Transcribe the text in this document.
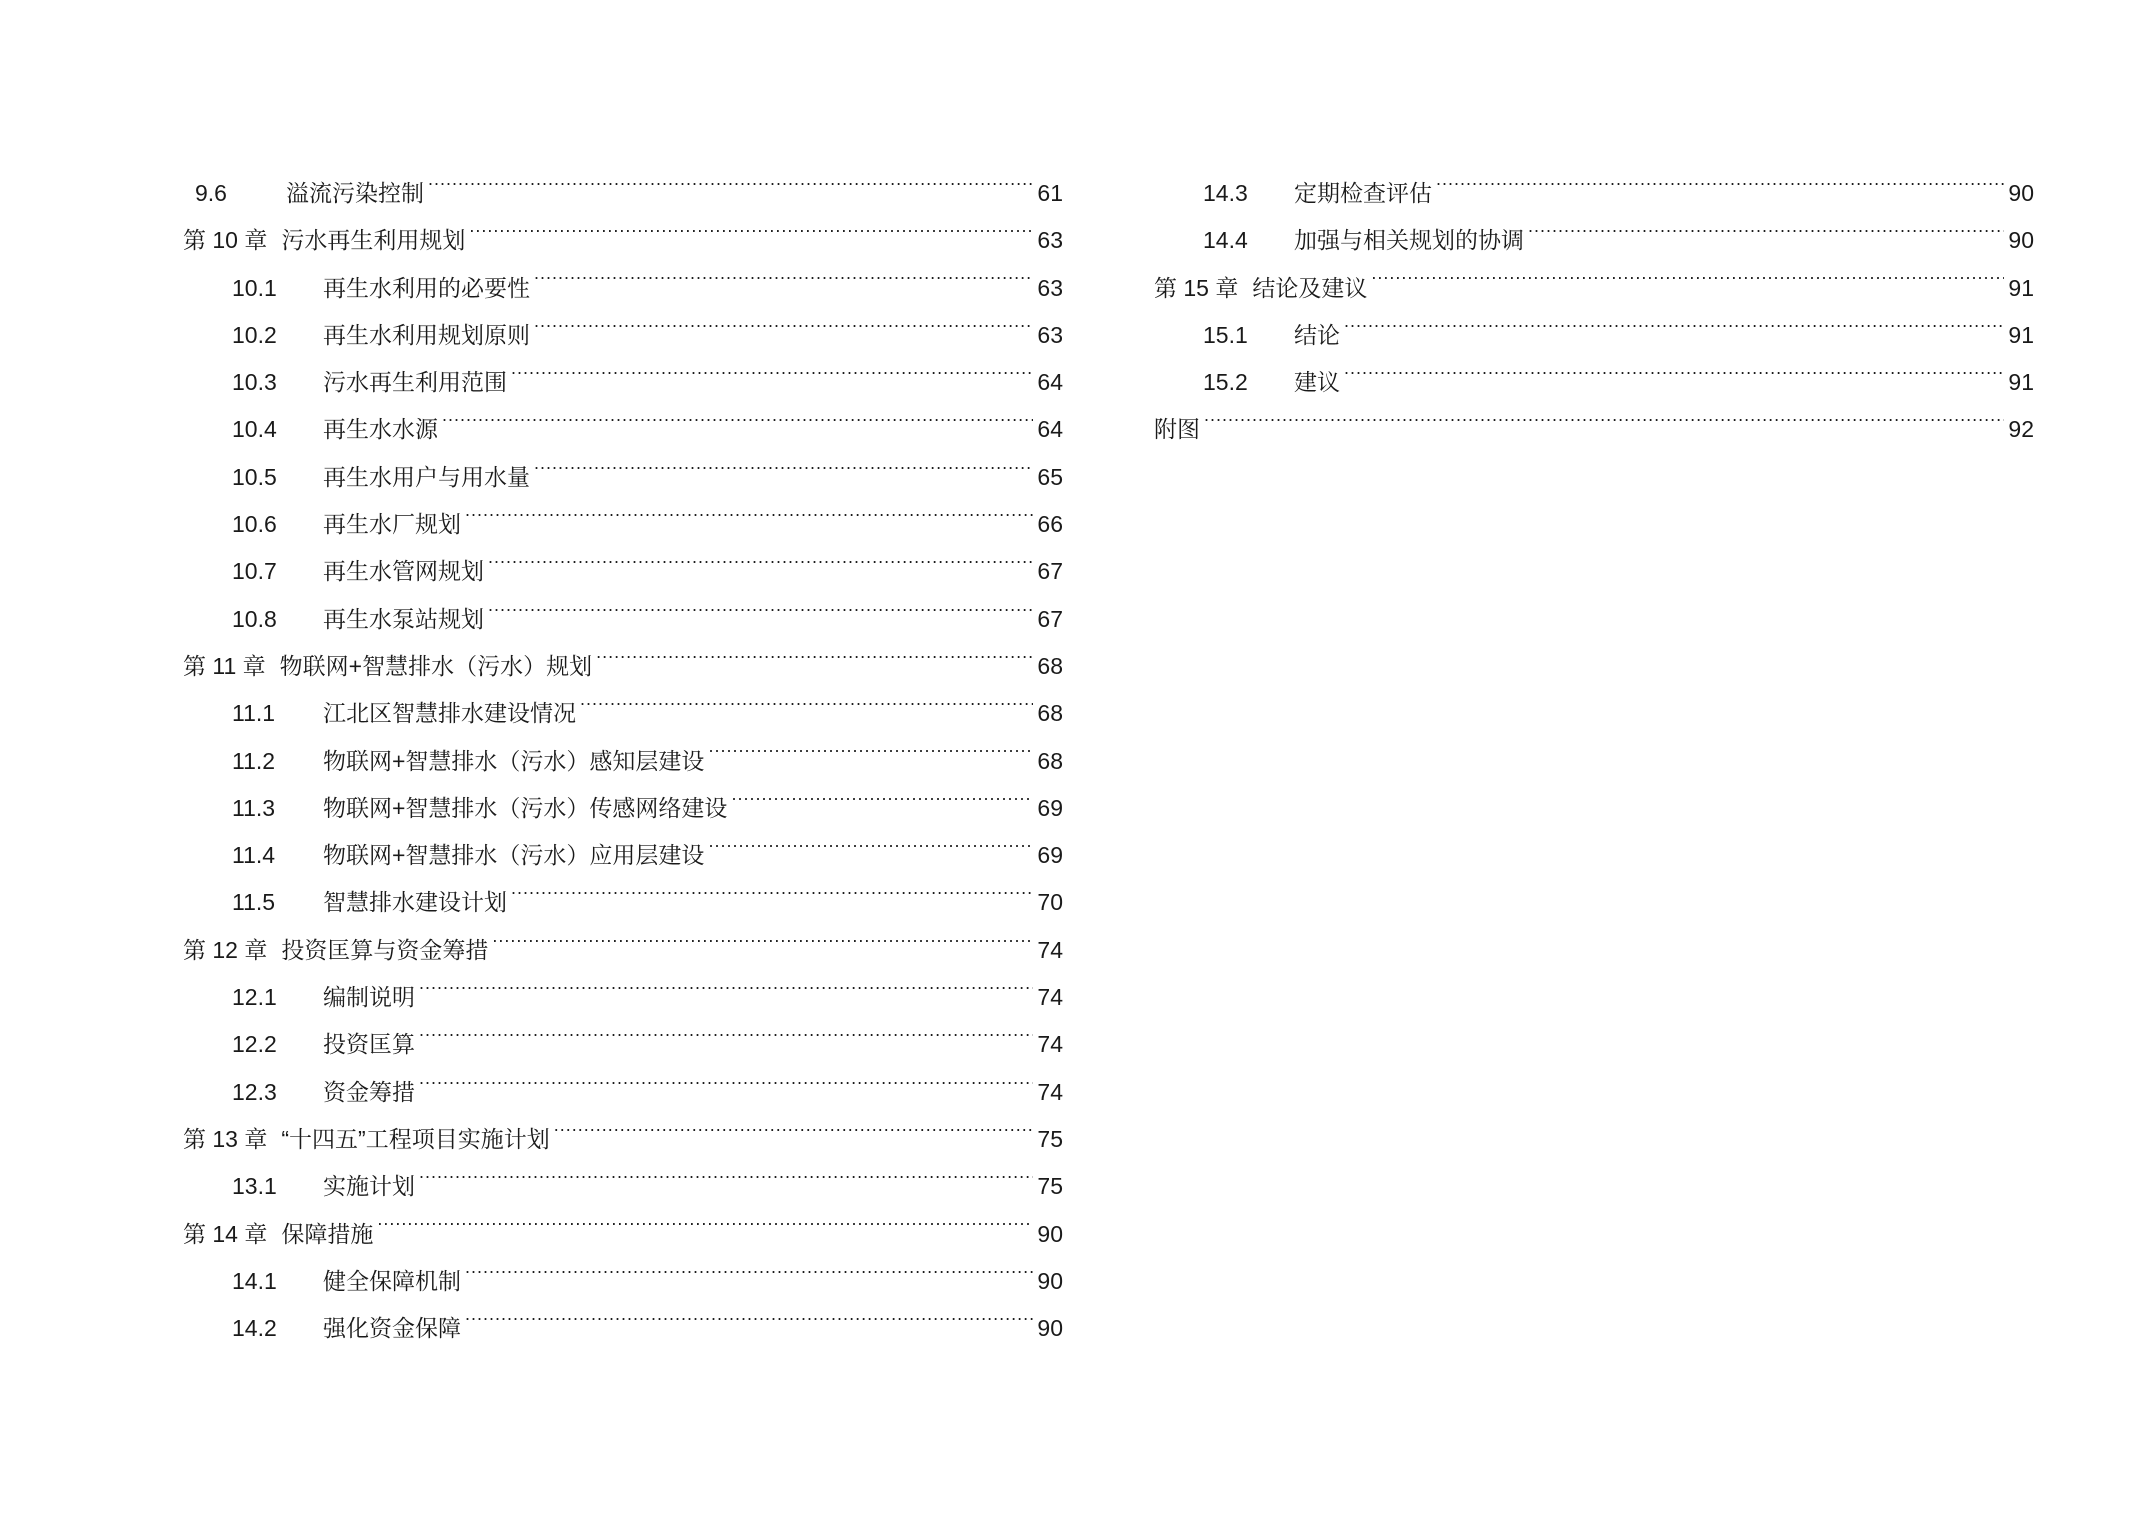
9.6	溢流污染控制 .....	61
第 10 章 污水再生利用规划 .....	63
10.1	再生水利用的必要性 .....	63
10.2	再生水利用规划原则 .....	63
10.3	污水再生利用范围 .....	64
10.4	再生水水源 .....	64
10.5	再生水用户与用水量 .....	65
10.6	再生水厂规划 .....	66
10.7	再生水管网规划 .....	67
10.8	再生水泵站规划 .....	67
第 11 章 物联网+智慧排水（污水）规划 .....	68
11.1	江北区智慧排水建设情况 .....	68
11.2	物联网+智慧排水（污水）感知层建设 .....	68
11.3	物联网+智慧排水（污水）传感网络建设 .....	69
11.4	物联网+智慧排水（污水）应用层建设 .....	69
11.5	智慧排水建设计划 .....	70
第 12 章 投资匡算与资金筹措 .....	74
12.1	编制说明 .....	74
12.2	投资匡算 .....	74
12.3	资金筹措 .....	74
第 13 章 “十四五”工程项目实施计划 .....	75
13.1	实施计划 .....	75
第 14 章 保障措施 .....	90
14.1	健全保障机制 .....	90
14.2	强化资金保障 .....	90
14.3	定期检查评估 .....	90
14.4	加强与相关规划的协调 .....	90
第 15 章 结论及建议 .....	91
15.1	结论 .....	91
15.2	建议 .....	91
附图 .....	92
